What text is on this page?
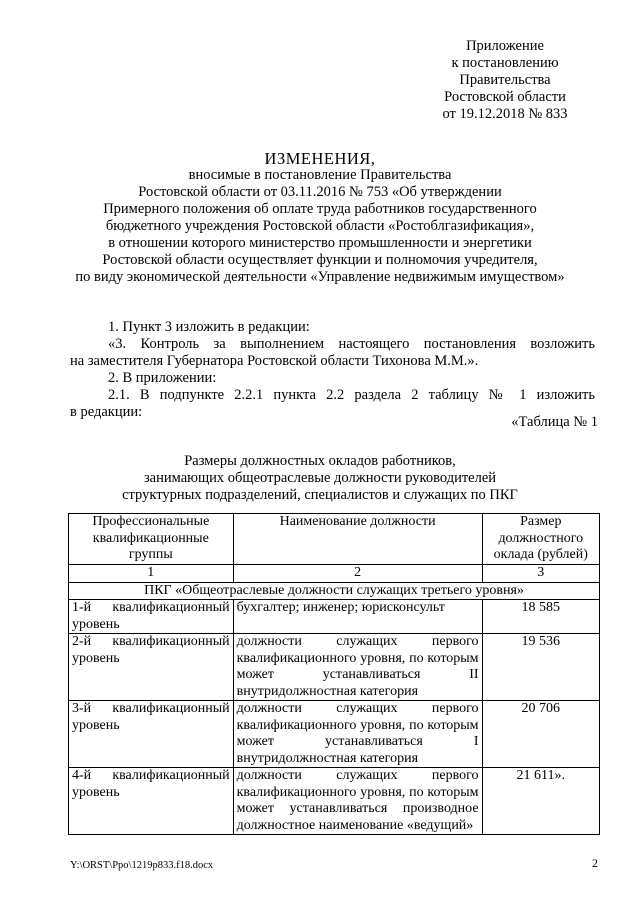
Приложение
к постановлению
Правительства
Ростовской области
от 19.12.2018 № 833
ИЗМЕНЕНИЯ,
вносимые в постановление Правительства
Ростовской области от 03.11.2016 № 753 «Об утверждении
Примерного положения об оплате труда работников государственного
бюджетного учреждения Ростовской области «Ростоблгазификация»,
в отношении которого министерство промышленности и энергетики
Ростовской области осуществляет функции и полномочия учредителя,
по виду экономической деятельности «Управление недвижимым имуществом»
1. Пункт 3 изложить в редакции:
«3. Контроль за выполнением настоящего постановления возложить
на заместителя Губернатора Ростовской области Тихонова М.М.».
2. В приложении:
2.1. В подпункте 2.2.1 пункта 2.2 раздела 2 таблицу № 1 изложить
в редакции:
«Таблица № 1
Размеры должностных окладов работников,
занимающих общеотраслевые должности руководителей
структурных подразделений, специалистов и служащих по ПКГ
Профессиональные квалификационные группы	Наименование должности	Размер должностного оклада (рублей)
1	2	3
ПКГ «Общеотраслевые должности служащих третьего уровня»		
1-й квалификационный уровень	бухгалтер; инженер; юрисконсульт	18 585
2-й квалификационный уровень	должности служащих первого квалификационного уровня, по которым может устанавливаться II внутридолжностная категория	19 536
3-й квалификационный уровень	должности служащих первого квалификационного уровня, по которым может устанавливаться I внутридолжностная категория	20 706
4-й квалификационный уровень	должности служащих первого квалификационного уровня, по которым может устанавливаться производное должностное наименование «ведущий»	21 611».
Y:\ORST\Ppo\1219p833.f18.docx	2
